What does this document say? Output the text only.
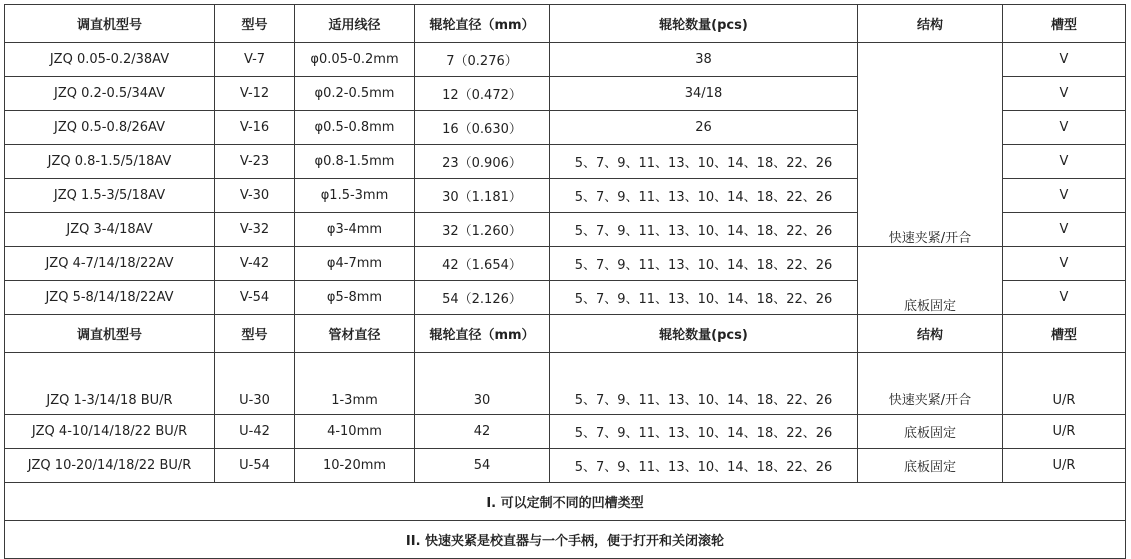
调直机型号	型号	适用线径	辊轮直径（mm）	辊轮数量(pcs)	结构	槽型
JZQ 0.05-0.2/38AV	V-7	φ0.05-0.2mm	7（0.276）	38	快速夹紧/开合	V
JZQ 0.2-0.5/34AV	V-12	φ0.2-0.5mm	12（0.472）	34/18		V
JZQ 0.5-0.8/26AV	V-16	φ0.5-0.8mm	16（0.630）	26		V
JZQ 0.8-1.5/5/18AV	V-23	φ0.8-1.5mm	23（0.906）	5、7、9、11、13、10、14、18、22、26		V
JZQ 1.5-3/5/18AV	V-30	φ1.5-3mm	30（1.181）	5、7、9、11、13、10、14、18、22、26		V
JZQ 3-4/18AV	V-32	φ3-4mm	32（1.260）	5、7、9、11、13、10、14、18、22、26		V
JZQ 4-7/14/18/22AV	V-42	φ4-7mm	42（1.654）	5、7、9、11、13、10、14、18、22、26	底板固定	V
JZQ 5-8/14/18/22AV	V-54	φ5-8mm	54（2.126）	5、7、9、11、13、10、14、18、22、26		V
调直机型号	型号	管材直径	辊轮直径（mm）	辊轮数量(pcs)	结构	槽型
JZQ 1-3/14/18 BU/R	U-30	1-3mm	30	5、7、9、11、13、10、14、18、22、26	快速夹紧/开合	U/R
JZQ 4-10/14/18/22 BU/R	U-42	4-10mm	42	5、7、9、11、13、10、14、18、22、26	底板固定	U/R
JZQ 10-20/14/18/22 BU/R	U-54	10-20mm	54	5、7、9、11、13、10、14、18、22、26	底板固定	U/R
I. 可以定制不同的凹槽类型						
II. 快速夹紧是校直器与一个手柄，便于打开和关闭滚轮						
